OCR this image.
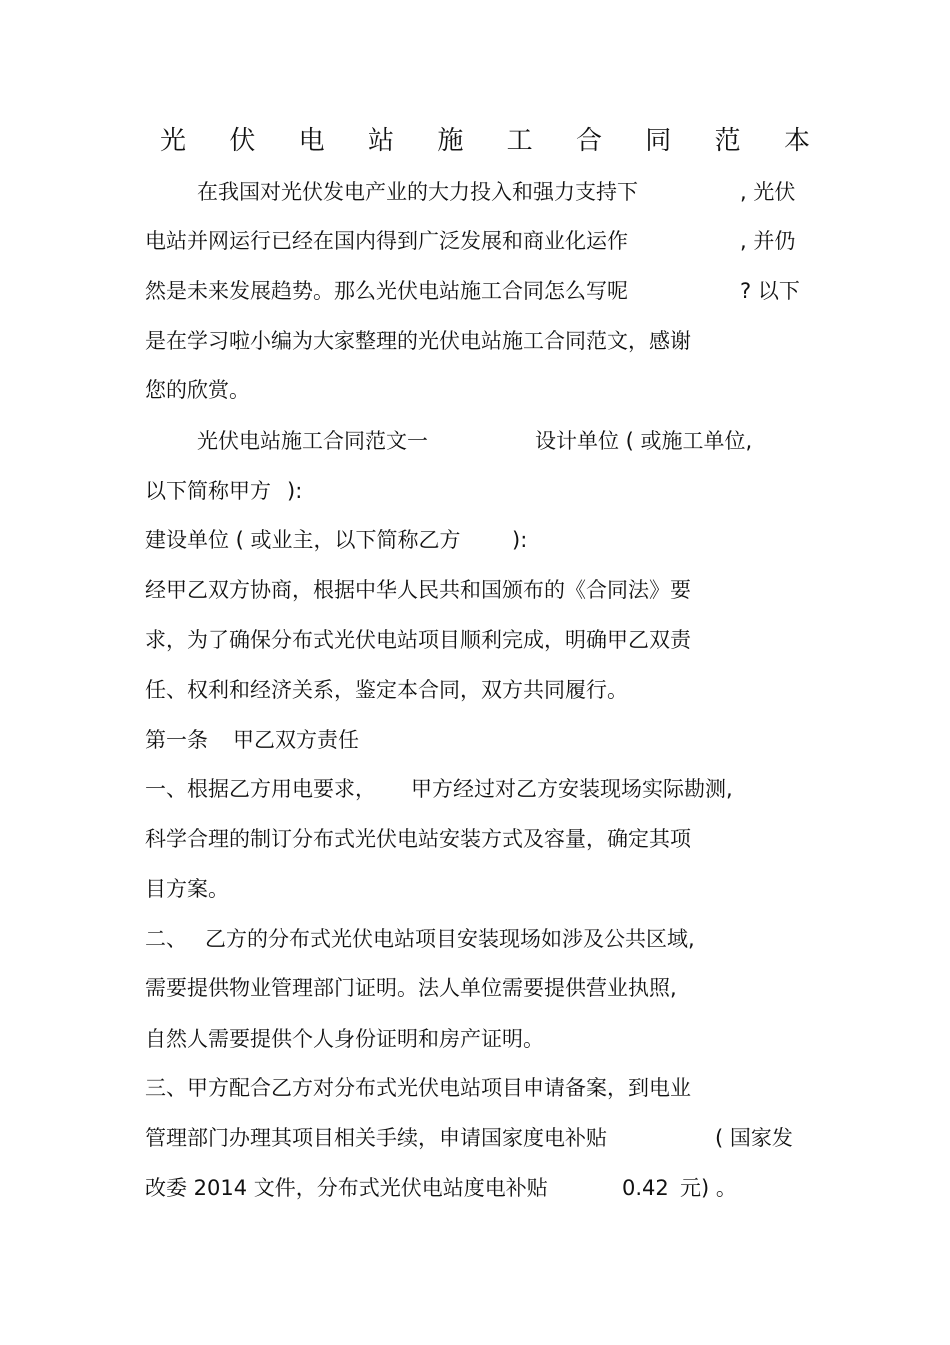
光 伏 电 站 施 工 合 同 范 本
在我国对光伏发电产业的大力投入和强力支持下	, 光伏
电站并网运行已经在国内得到广泛发展和商业化运作	, 并仍
然是未来发展趋势。那么光伏电站施工合同怎么写呢	? 以下
是在学习啦小编为大家整理的光伏电站施工合同范文，感谢
您的欣赏。
光伏电站施工合同范文一	设计单位 ( 或施工单位,
以下简称甲方 ):
建设单位 ( 或业主，以下简称乙方 ):
经甲乙双方协商，根据中华人民共和国颁布的《合同法》要
求，为了确保分布式光伏电站项目顺利完成，明确甲乙双责
任、权利和经济关系，鉴定本合同，双方共同履行。
第一条 甲乙双方责任
一、根据乙方用电要求， 甲方经过对乙方安装现场实际勘测,
科学合理的制订分布式光伏电站安装方式及容量，确定其项
目方案。
二、 乙方的分布式光伏电站项目安装现场如涉及公共区域,
需要提供物业管理部门证明。法人单位需要提供营业执照,
自然人需要提供个人身份证明和房产证明。
三、甲方配合乙方对分布式光伏电站项目申请备案，到电业
管理部门办理其项目相关手续，申请国家度电补贴	( 国家发
改委 2014 文件，分布式光伏电站度电补贴	0.42 元) 。
